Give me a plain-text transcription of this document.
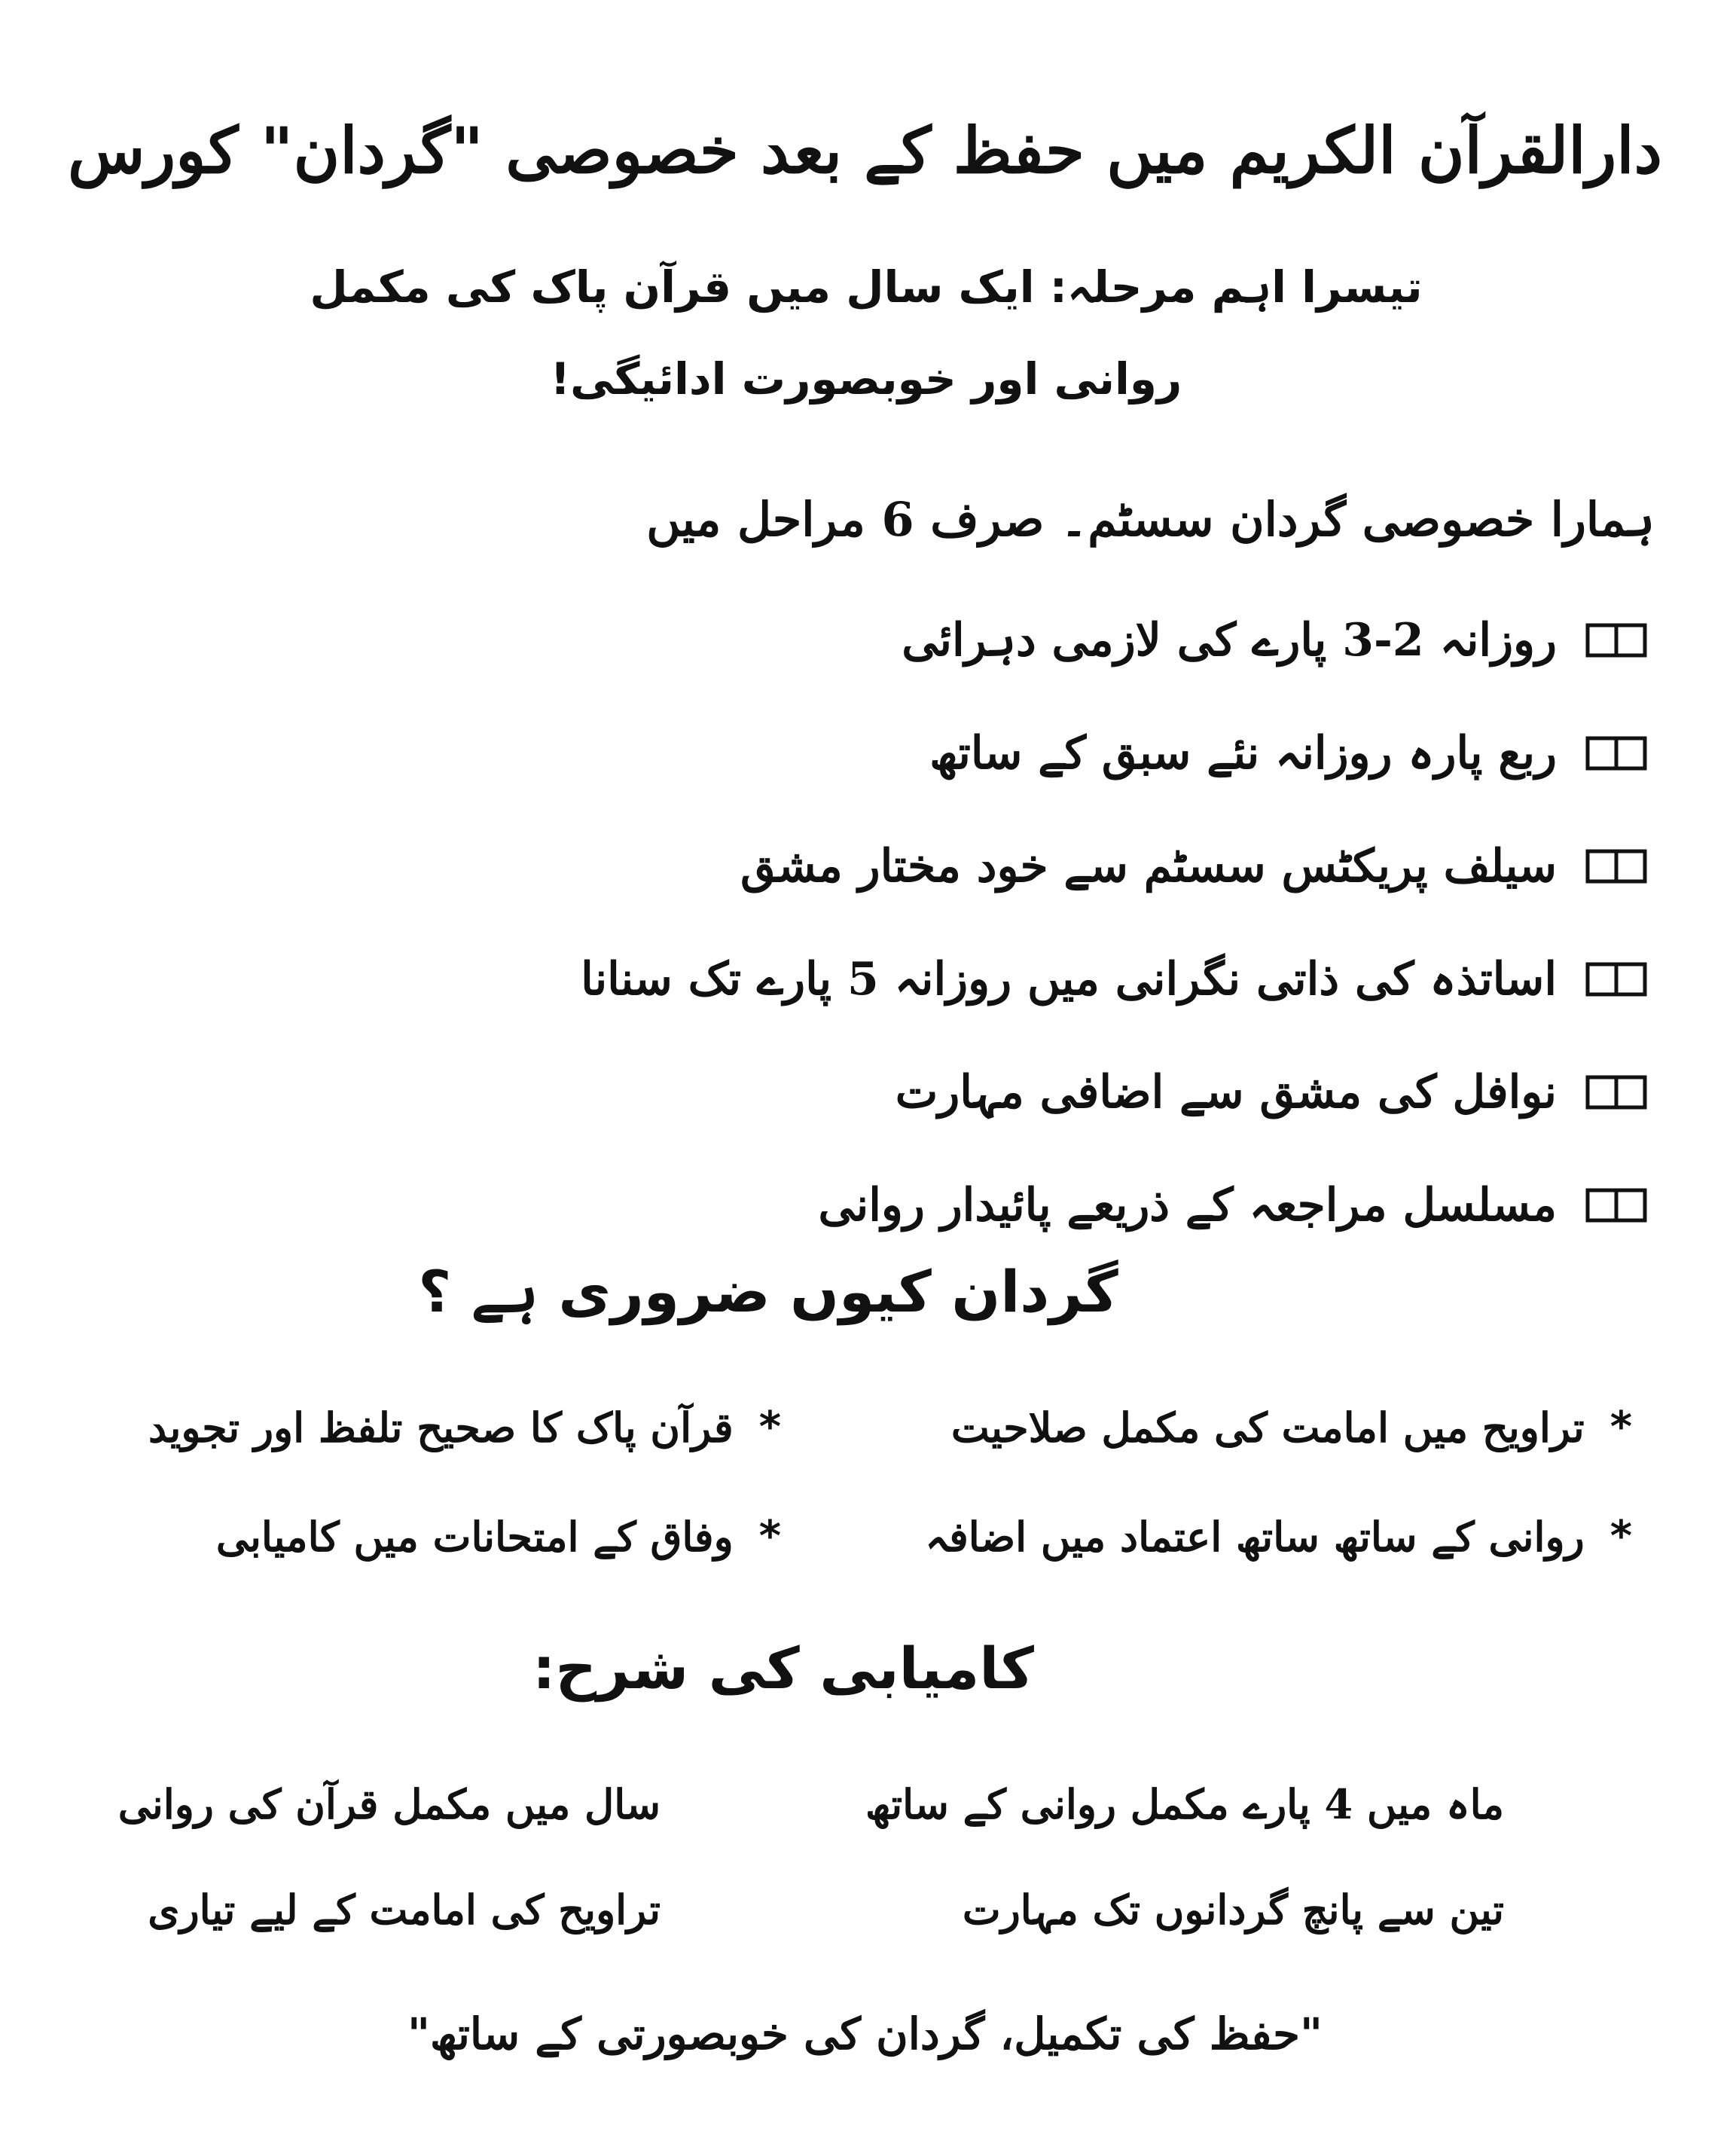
دارالقرآن الکریم میں حفظ کے بعد خصوصی "گردان" کورس
تیسرا اہم مرحلہ: ایک سال میں قرآن پاک کی مکمل روانی اور خوبصورت ادائیگی!
ہمارا خصوصی گردان سسٹم۔ صرف 6 مراحل میں
روزانہ 2-3 پارے کی لازمی دہرائی
ربع پارہ روزانہ نئے سبق کے ساتھ
سیلف پریکٹس سسٹم سے خود مختار مشق
اساتذہ کی ذاتی نگرانی میں روزانہ 5 پارے تک سنانا
نوافل کی مشق سے اضافی مہارت
مسلسل مراجعہ کے ذریعے پائیدار روانی
گردان کیوں ضروری ہے ؟
*
تراویح میں امامت کی مکمل صلاحیت
*
قرآن پاک کا صحیح تلفظ اور تجوید
*
روانی کے ساتھ ساتھ اعتماد میں اضافہ
*
وفاق کے امتحانات میں کامیابی
کامیابی کی شرح:
ماہ میں 4 پارے مکمل روانی کے ساتھ
سال میں مکمل قرآن کی روانی
تین سے پانچ گردانوں تک مہارت
تراویح کی امامت کے لیے تیاری
"حفظ کی تکمیل، گردان کی خوبصورتی کے ساتھ"
